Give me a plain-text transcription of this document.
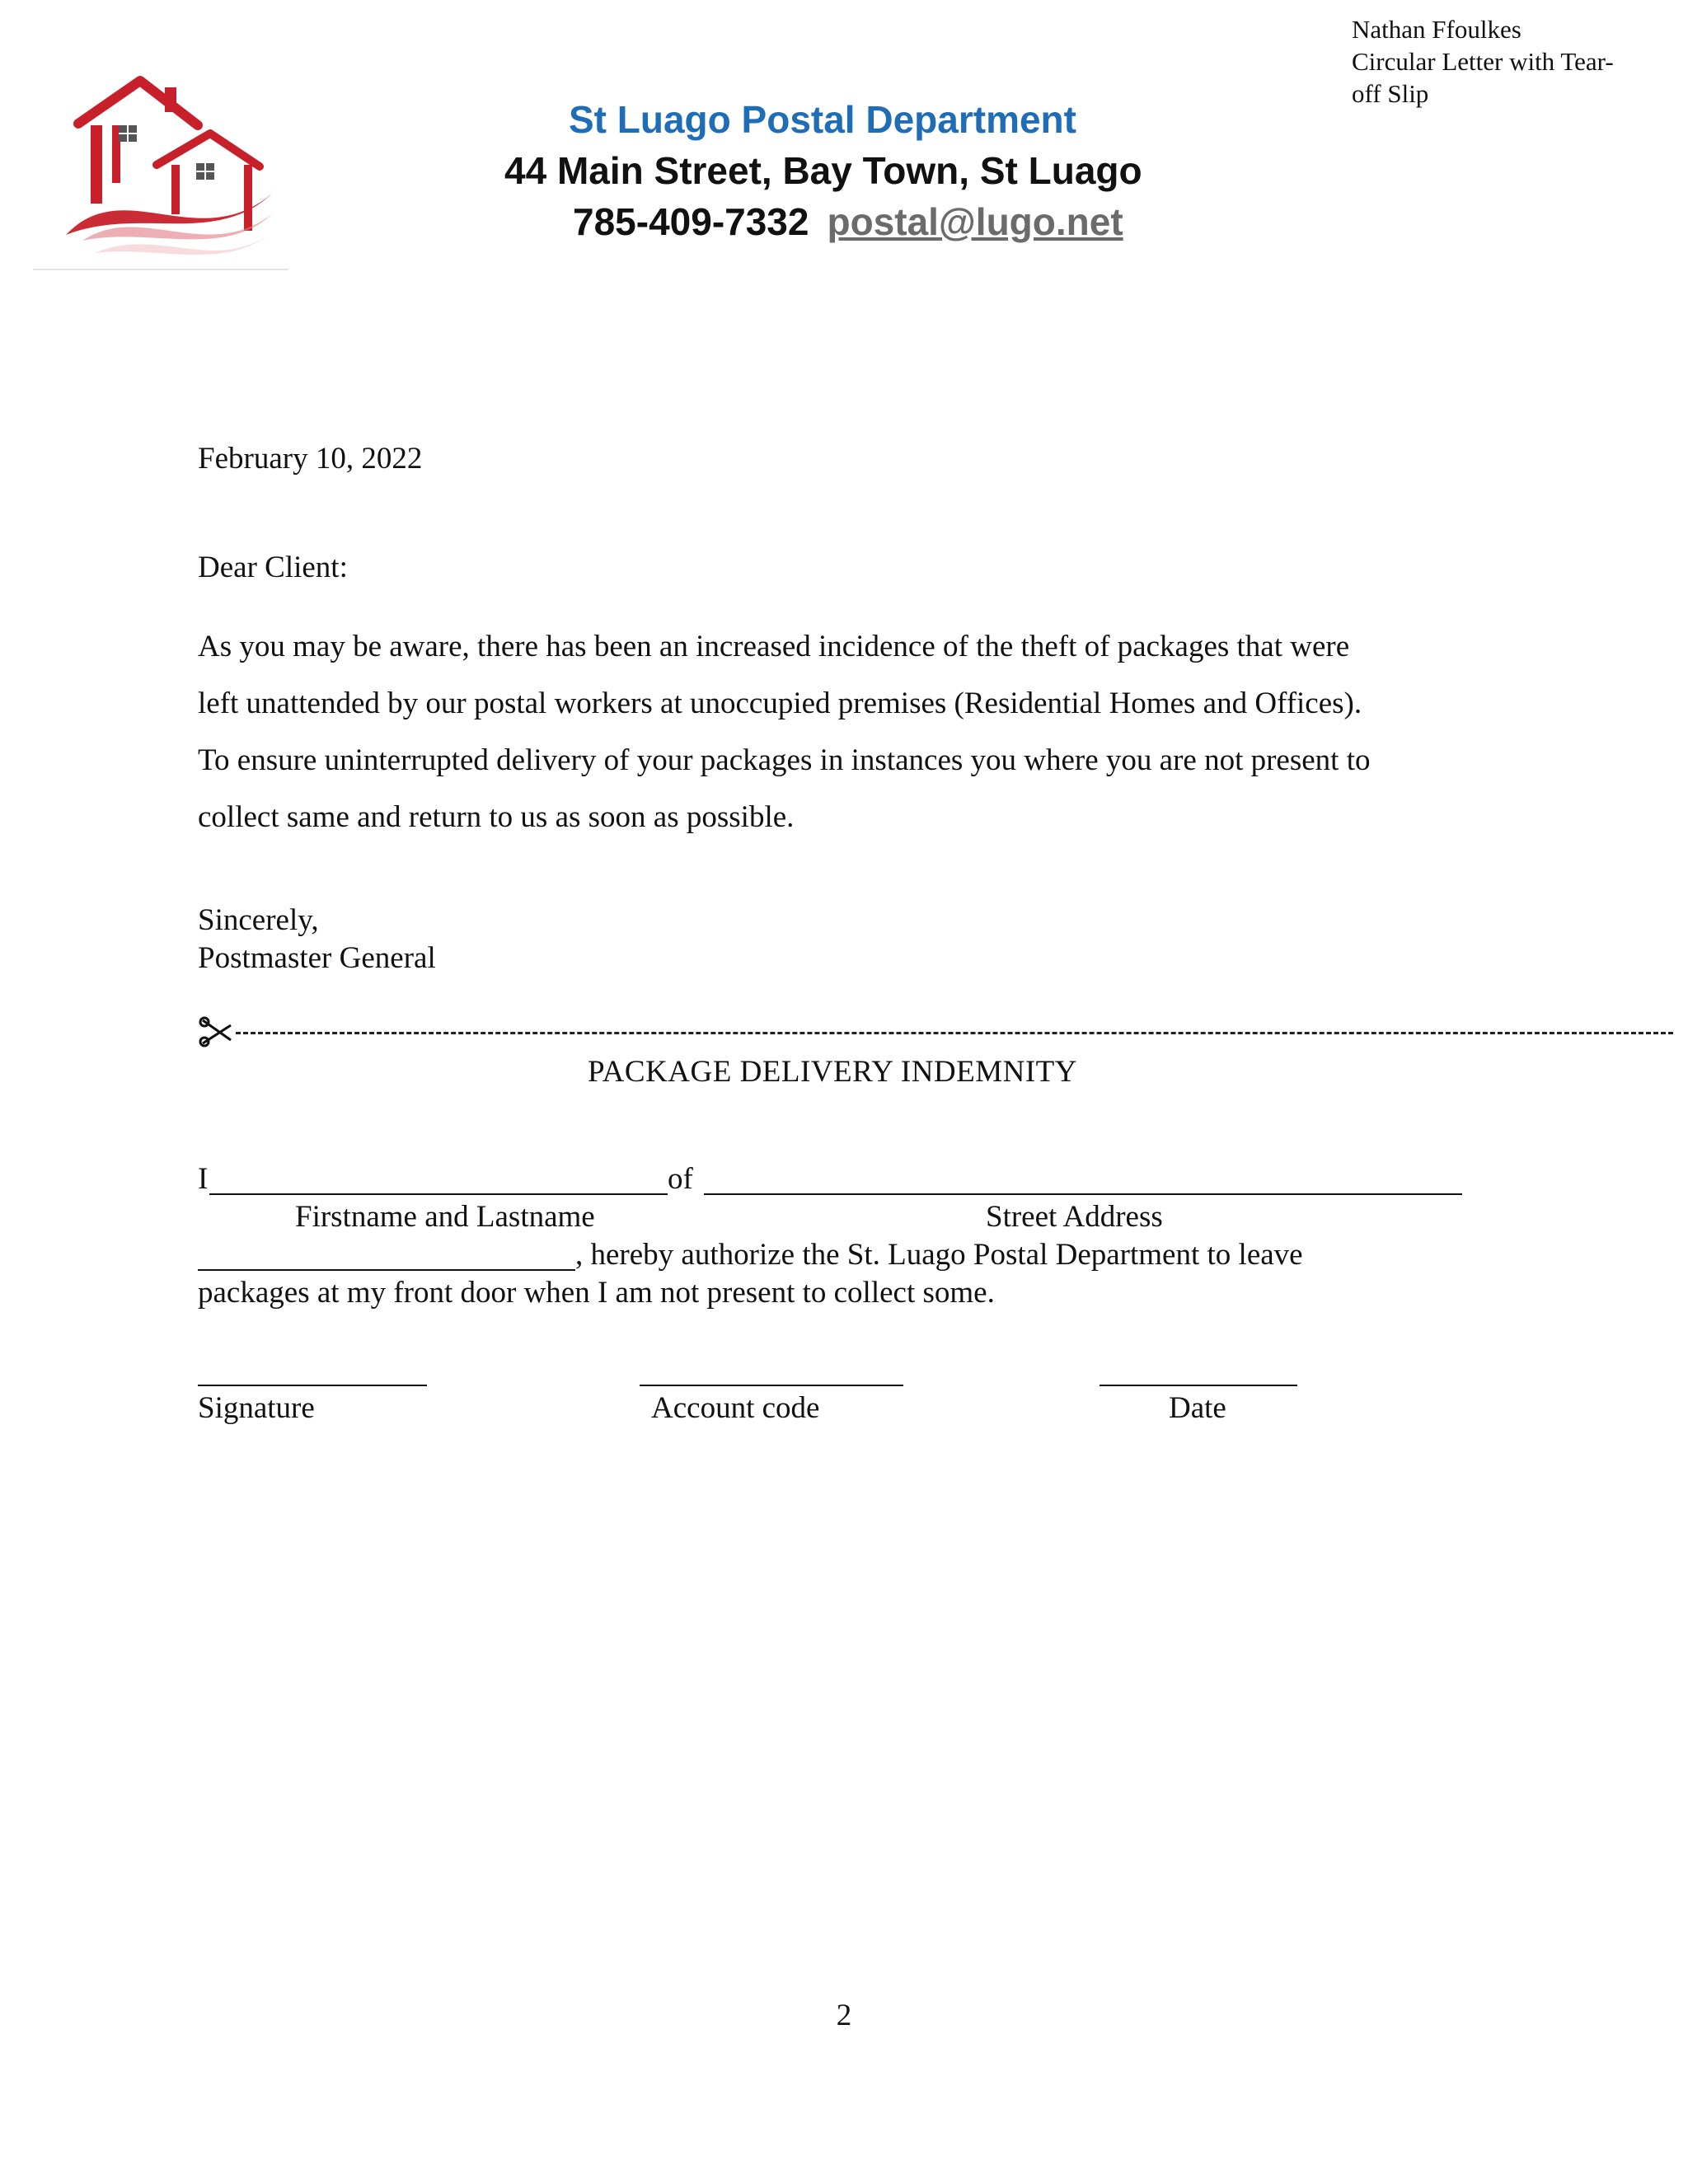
Nathan Ffoulkes
Circular Letter with Tear-
off Slip
St Luago Postal Department
44 Main Street, Bay Town, St Luago
785-409-7332 postal@lugo.net
February 10, 2022
Dear Client:
As you may be aware, there has been an increased incidence of the theft of packages that were
left unattended by our postal workers at unoccupied premises (Residential Homes and Offices).
To ensure uninterrupted delivery of your packages in instances you where you are not present to
collect same and return to us as soon as possible.
Sincerely,
Postmaster General
PACKAGE DELIVERY INDEMNITY
I	of
Firstname and Lastname	Street Address
, hereby authorize the St. Luago Postal Department to leave
packages at my front door when I am not present to collect some.
Signature	Account code	Date
2
